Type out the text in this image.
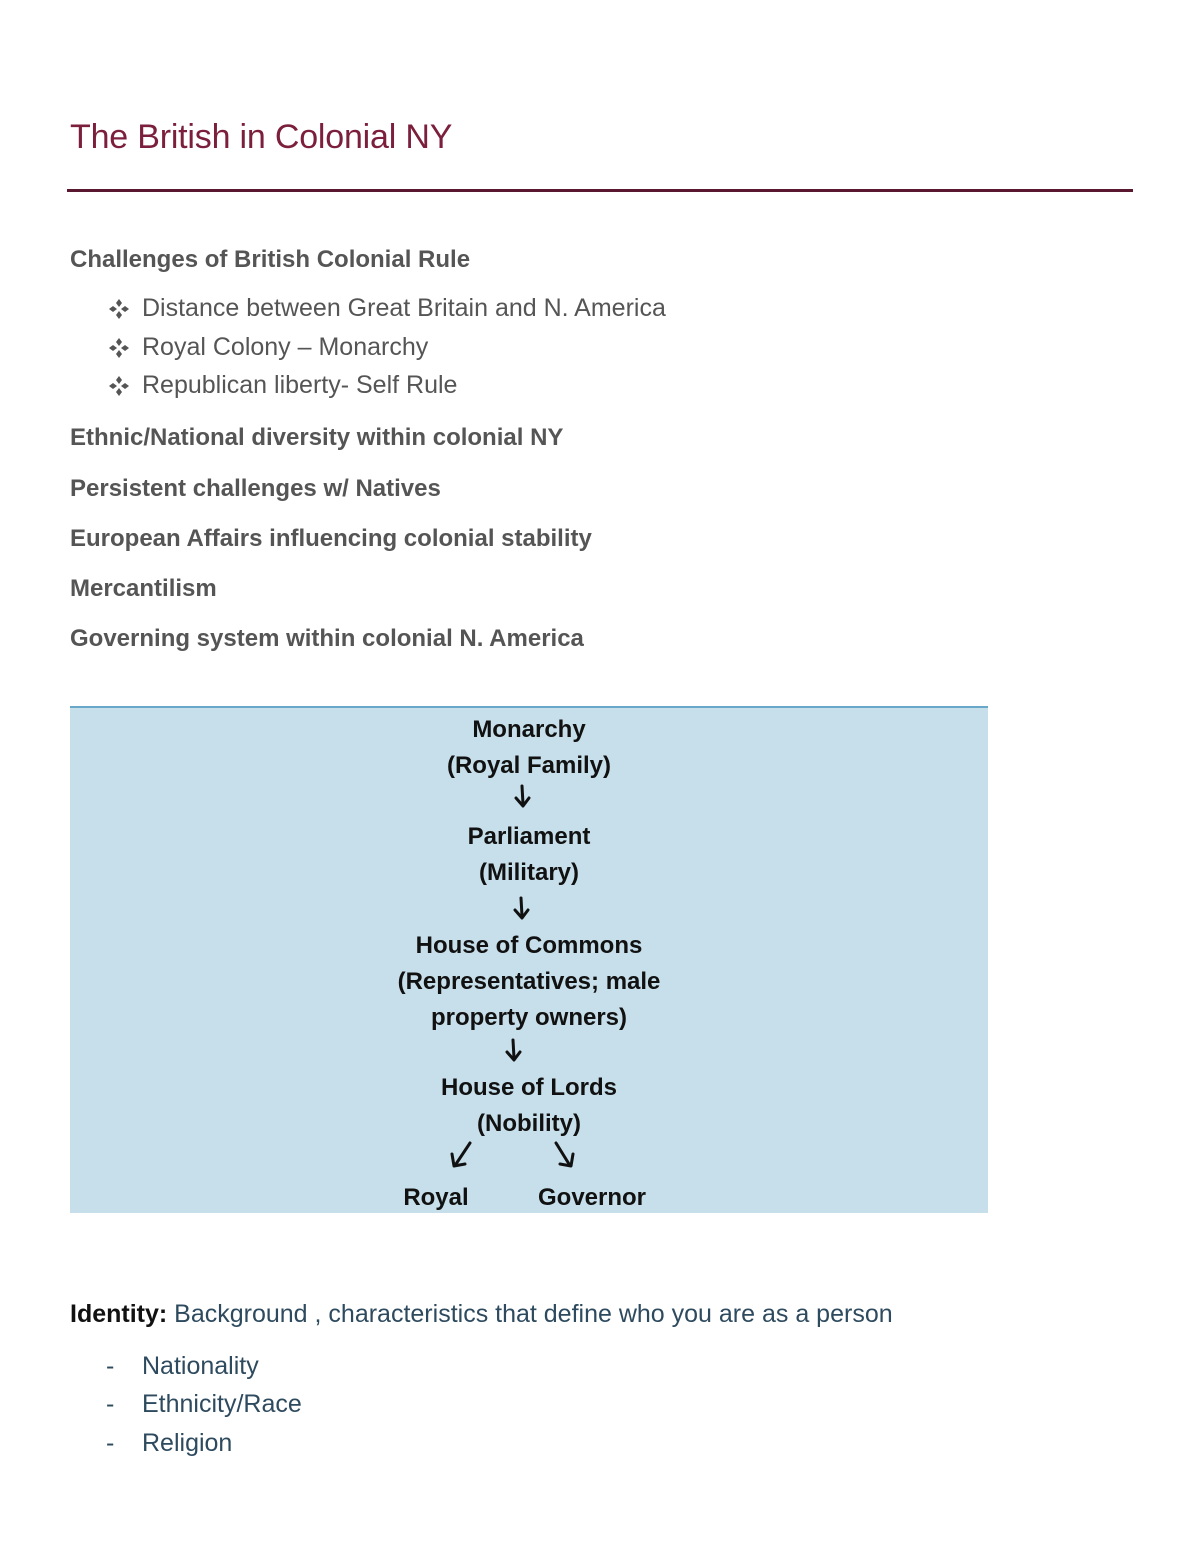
The British in Colonial NY
Challenges of British Colonial Rule
Distance between Great Britain and N. America
Royal Colony – Monarchy
Republican liberty- Self Rule
Ethnic/National diversity within colonial NY
Persistent challenges w/ Natives
European Affairs influencing colonial stability
Mercantilism
Governing system within colonial N. America
Monarchy
(Royal Family)
Parliament
(Military)
House of Commons
(Representatives; male
property owners)
House of Lords
(Nobility)
Royal	Governor
Identity: Background , characteristics that define who you are as a person
- Nationality
- Ethnicity/Race
- Religion
